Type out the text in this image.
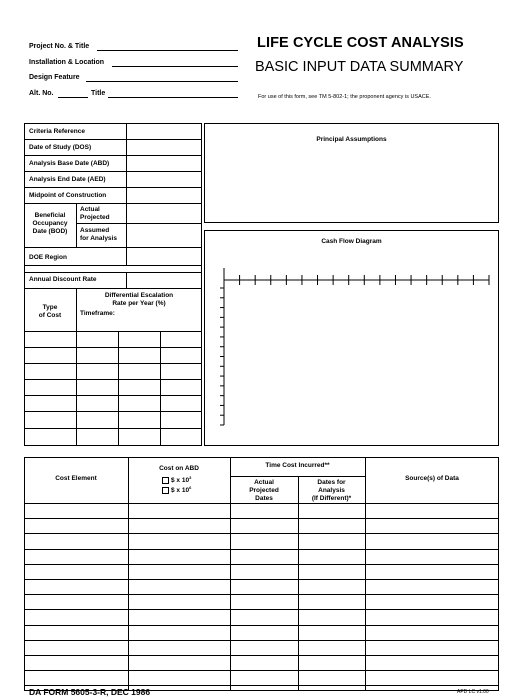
Project No. & Title
Installation & Location
Design Feature
Alt. No.	Title
LIFE CYCLE COST ANALYSIS
BASIC INPUT DATA SUMMARY
For use of this form, see TM 5-802-1; the proponent agency is USACE.
Criteria Reference
Date of Study (DOS)
Analysis Base Date (ABD)
Analysis End Date (AED)
Midpoint of Construction
Beneficial
Occupancy
Date (BOD)
Actual
Projected
Assumed
for Analysis
DOE Region
Annual Discount Rate
Type
of Cost
Differential Escalation
Rate per Year (%)
Timeframe:
Principal Assumptions
Cash Flow Diagram
Cost Element
Cost on ABD
$ x $10^3$
$ x $10^6$
Time Cost Incurred**
Actual
Projected
Dates
Dates for
Analysis
(If Different)*
Source(s) of Data
DA FORM 5605-3-R, DEC 1986	APD LC v1.00
